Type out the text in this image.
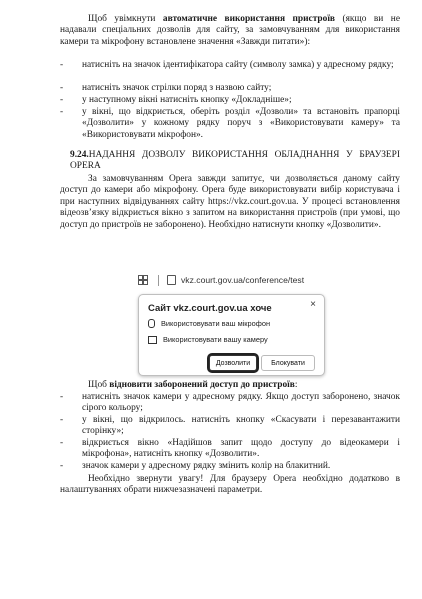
Щоб увімкнути автоматичне використання пристроїв (якщо ви не надавали спеціальних дозволів для сайту, за замовчуванням для використання камери та мікрофону встановлене значення «Завжди питати»):

-	натисніть на значок ідентифікатора сайту (символу замка) у адресному рядку;
-	натисніть значок стрілки поряд з назвою сайту;
-	у наступному вікні натисніть кнопку «Докладніше»;
-	у вікні, що відкриється, оберіть розділ «Дозволи» та встановіть прапорці «Дозволити» у кожному рядку поруч з «Використовувати камеру» та «Використовувати мікрофон».
9.24.НАДАННЯ ДОЗВОЛУ ВИКОРИСТАННЯ ОБЛАДНАННЯ У БРАУЗЕРІ OPERA

За замовчуванням Opera завжди запитує, чи дозволяється даному сайту доступ до камери або мікрофону. Opera буде використовувати вибір користувача і при наступних відвідуваннях сайту https://vkz.court.gov.ua. У процесі встановлення відеозв’язку відкриється вікно з запитом на використання пристроїв (при умові, що доступ до пристроїв не заборонено). Необхідно натиснути кнопку «Дозволити».

vkz.court.gov.ua/conference/test
Сайт vkz.court.gov.ua хоче	×
Використовувати ваш мікрофон
Використовувати вашу камеру
Дозволити	Блокувати

Щоб відновити заборонений доступ до пристроїв:

-	натисніть значок камери у адресному рядку. Якщо доступ заборонено, значок сірого кольору;
-	у вікні, що відкрилось. натисніть кнопку «Скасувати і перезавантажити сторінку»;
-	відкриється вікно «Надійшов запит щодо доступу до відеокамери і мікрофона», натисніть кнопку «Дозволити».
-	значок камери у адресному рядку змінить колір на блакитний.

Необхідно звернути увагу! Для браузеру Opera необхідно додатково в налаштуваннях обрати нижчезазначені параметри.
